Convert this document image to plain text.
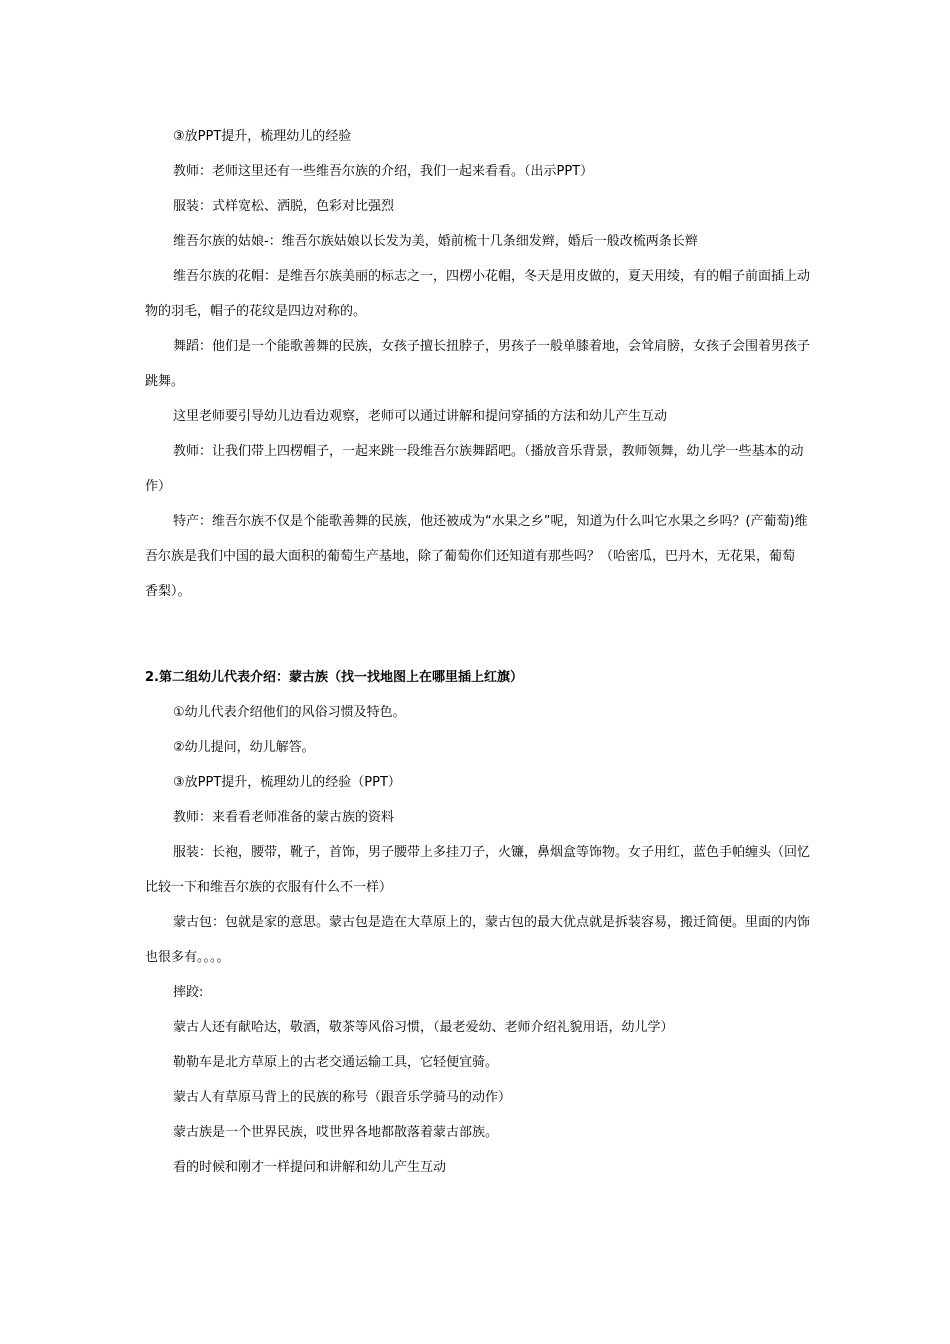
③放PPT提升，梳理幼儿的经验

教师：老师这里还有一些维吾尔族的介绍，我们一起来看看。（出示PPT）

服装：式样宽松、洒脱，色彩对比强烈

维吾尔族的姑娘-：维吾尔族姑娘以长发为美，婚前梳十几条细发辫，婚后一般改梳两条长辫

维吾尔族的花帽：是维吾尔族美丽的标志之一，四楞小花帽，冬天是用皮做的，夏天用绫，有的帽子前面插上动物的羽毛，帽子的花纹是四边对称的。

舞蹈：他们是一个能歌善舞的民族，女孩子擅长扭脖子，男孩子一般单膝着地，会耸肩膀，女孩子会围着男孩子跳舞。

这里老师要引导幼儿边看边观察，老师可以通过讲解和提问穿插的方法和幼儿产生互动

教师：让我们带上四楞帽子，一起来跳一段维吾尔族舞蹈吧。（播放音乐背景，教师领舞，幼儿学一些基本的动作）

特产：维吾尔族不仅是个能歌善舞的民族，他还被成为“水果之乡”呢，知道为什么叫它水果之乡吗？(产葡萄)维吾尔族是我们中国的最大面积的葡萄生产基地，除了葡萄你们还知道有那些吗？（哈密瓜，巴丹木，无花果，葡萄 香梨）。

2.第二组幼儿代表介绍：蒙古族（找一找地图上在哪里插上红旗）

①幼儿代表介绍他们的风俗习惯及特色。

②幼儿提问，幼儿解答。

③放PPT提升，梳理幼儿的经验（PPT）

教师：来看看老师准备的蒙古族的资料

服装：长袍，腰带，靴子，首饰，男子腰带上多挂刀子，火镰，鼻烟盒等饰物。女子用红，蓝色手帕缠头（回忆比较一下和维吾尔族的衣服有什么不一样）

蒙古包：包就是家的意思。蒙古包是造在大草原上的，蒙古包的最大优点就是拆装容易，搬迁简便。里面的内饰也很多有。。。。

摔跤:

蒙古人还有献哈达，敬酒，敬茶等风俗习惯，（最老爱幼、老师介绍礼貌用语，幼儿学）

勒勒车是北方草原上的古老交通运输工具，它轻便宜骑。

蒙古人有草原马背上的民族的称号（跟音乐学骑马的动作）

蒙古族是一个世界民族，哎世界各地都散落着蒙古部族。

看的时候和刚才一样提问和讲解和幼儿产生互动
